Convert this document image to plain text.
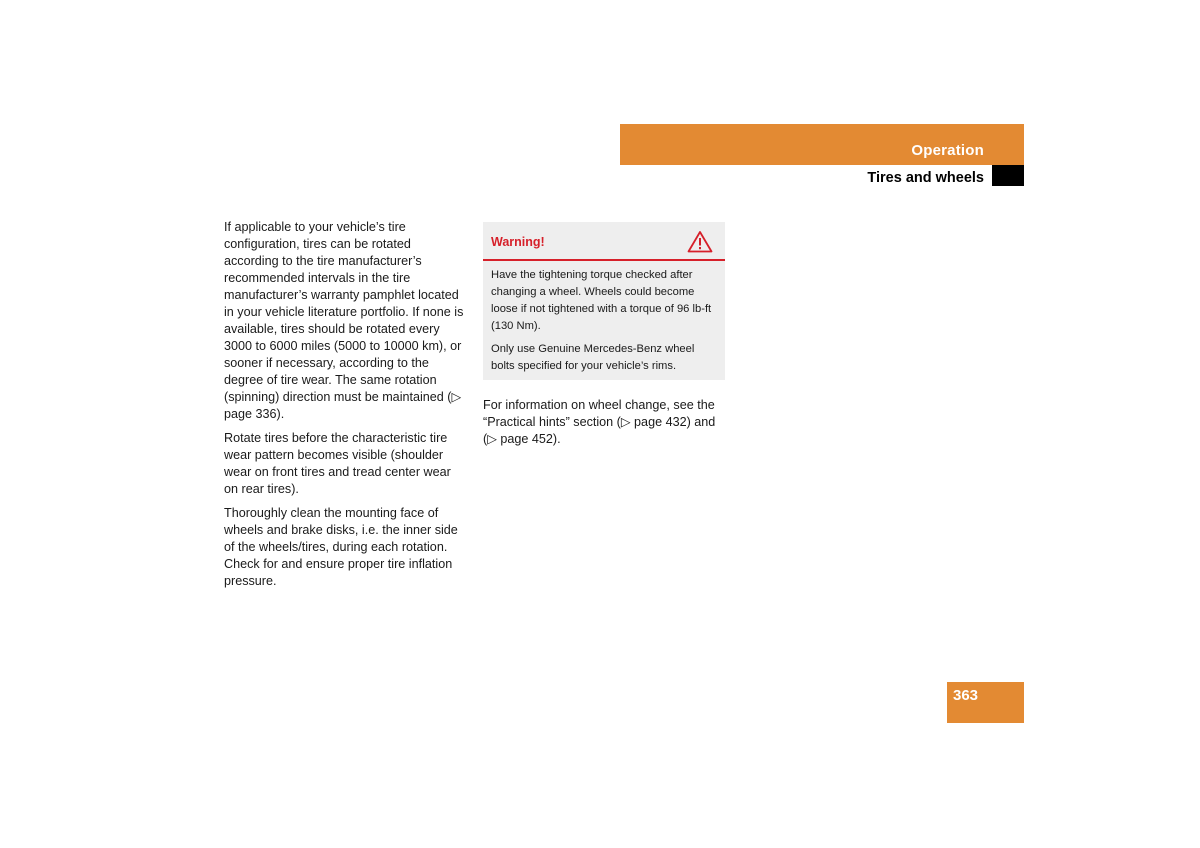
Operation
Tires and wheels

If applicable to your vehicle’s tire configuration, tires can be rotated according to the tire manufacturer’s recommended intervals in the tire manufacturer’s warranty pamphlet located in your vehicle literature portfolio. If none is available, tires should be rotated every 3000 to 6000 miles (5000 to 10000 km), or sooner if necessary, according to the degree of tire wear. The same rotation (spinning) direction must be maintained (▷ page 336).

Rotate tires before the characteristic tire wear pattern becomes visible (shoulder wear on front tires and tread center wear on rear tires).

Thoroughly clean the mounting face of wheels and brake disks, i.e. the inner side of the wheels/tires, during each rotation. Check for and ensure proper tire inflation pressure.

Warning!

Have the tightening torque checked after changing a wheel. Wheels could become loose if not tightened with a torque of 96 lb-ft (130 Nm).

Only use Genuine Mercedes-Benz wheel bolts specified for your vehicle’s rims.

For information on wheel change, see the “Practical hints” section (▷ page 432) and (▷ page 452).

363
